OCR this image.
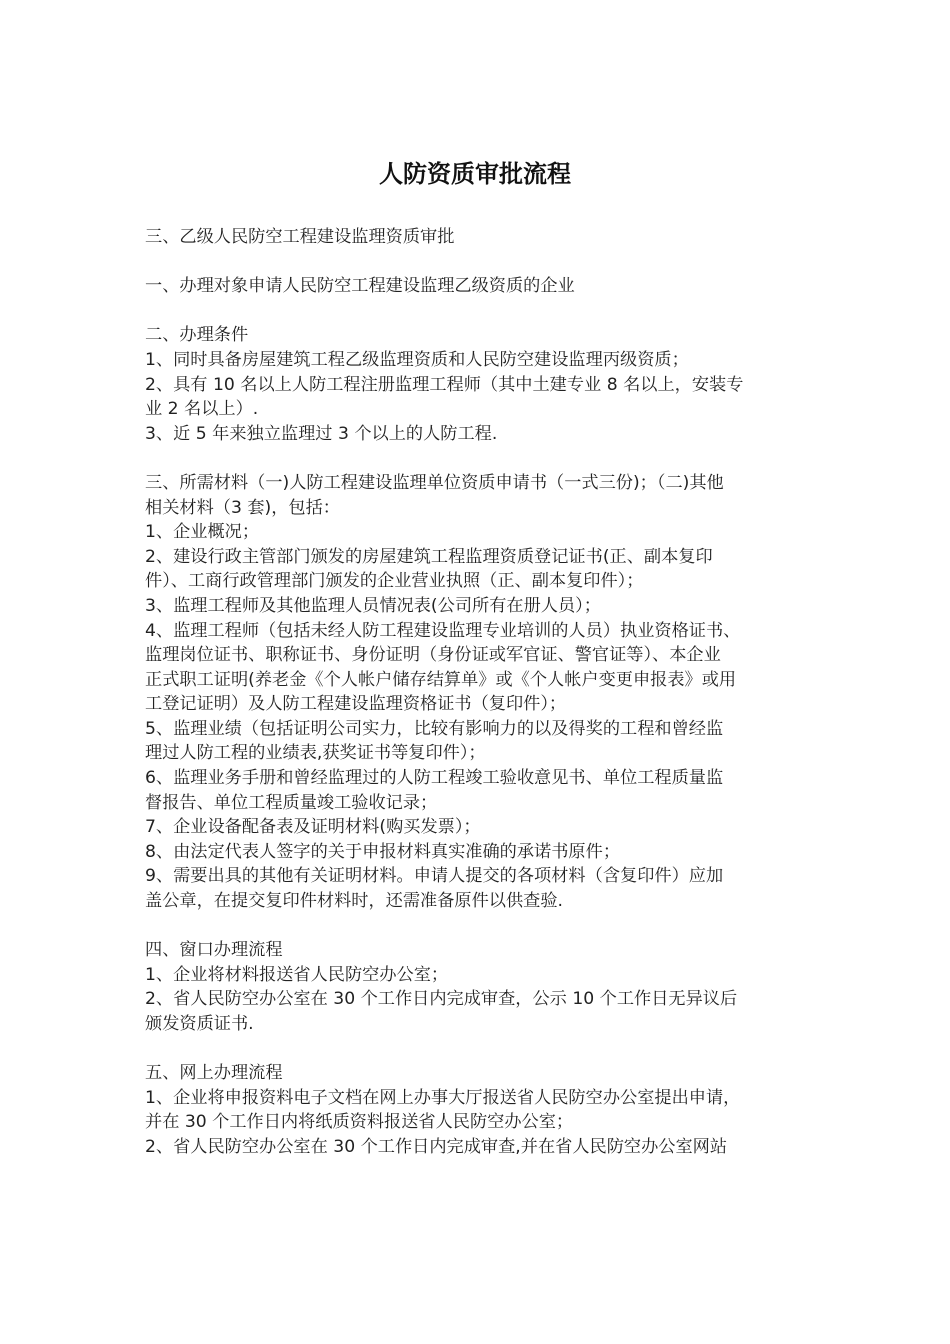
人防资质审批流程
三、乙级人民防空工程建设监理资质审批
一、办理对象申请人民防空工程建设监理乙级资质的企业
二、办理条件
1、同时具备房屋建筑工程乙级监理资质和人民防空建设监理丙级资质；
2、具有 10 名以上人防工程注册监理工程师（其中土建专业 8 名以上，安装专
业 2 名以上）.
3、近 5 年来独立监理过 3 个以上的人防工程.
三、所需材料（一)人防工程建设监理单位资质申请书（一式三份)；（二)其他
相关材料（3 套)，包括：
1、企业概况；
2、建设行政主管部门颁发的房屋建筑工程监理资质登记证书(正、副本复印
件）、工商行政管理部门颁发的企业营业执照（正、副本复印件）；
3、监理工程师及其他监理人员情况表(公司所有在册人员）；
4、监理工程师（包括未经人防工程建设监理专业培训的人员）执业资格证书、
监理岗位证书、职称证书、身份证明（身份证或军官证、警官证等）、本企业
正式职工证明(养老金《个人帐户储存结算单》或《个人帐户变更申报表》或用
工登记证明）及人防工程建设监理资格证书（复印件）；
5、监理业绩（包括证明公司实力，比较有影响力的以及得奖的工程和曾经监
理过人防工程的业绩表,获奖证书等复印件）；
6、监理业务手册和曾经监理过的人防工程竣工验收意见书、单位工程质量监
督报告、单位工程质量竣工验收记录；
7、企业设备配备表及证明材料(购买发票）；
8、由法定代表人签字的关于申报材料真实准确的承诺书原件；
9、需要出具的其他有关证明材料。申请人提交的各项材料（含复印件）应加
盖公章，在提交复印件材料时，还需准备原件以供查验.
四、窗口办理流程
1、企业将材料报送省人民防空办公室；
2、省人民防空办公室在 30 个工作日内完成审查，公示 10 个工作日无异议后
颁发资质证书.
五、网上办理流程
1、企业将申报资料电子文档在网上办事大厅报送省人民防空办公室提出申请，
并在 30 个工作日内将纸质资料报送省人民防空办公室；
2、省人民防空办公室在 30 个工作日内完成审查,并在省人民防空办公室网站
